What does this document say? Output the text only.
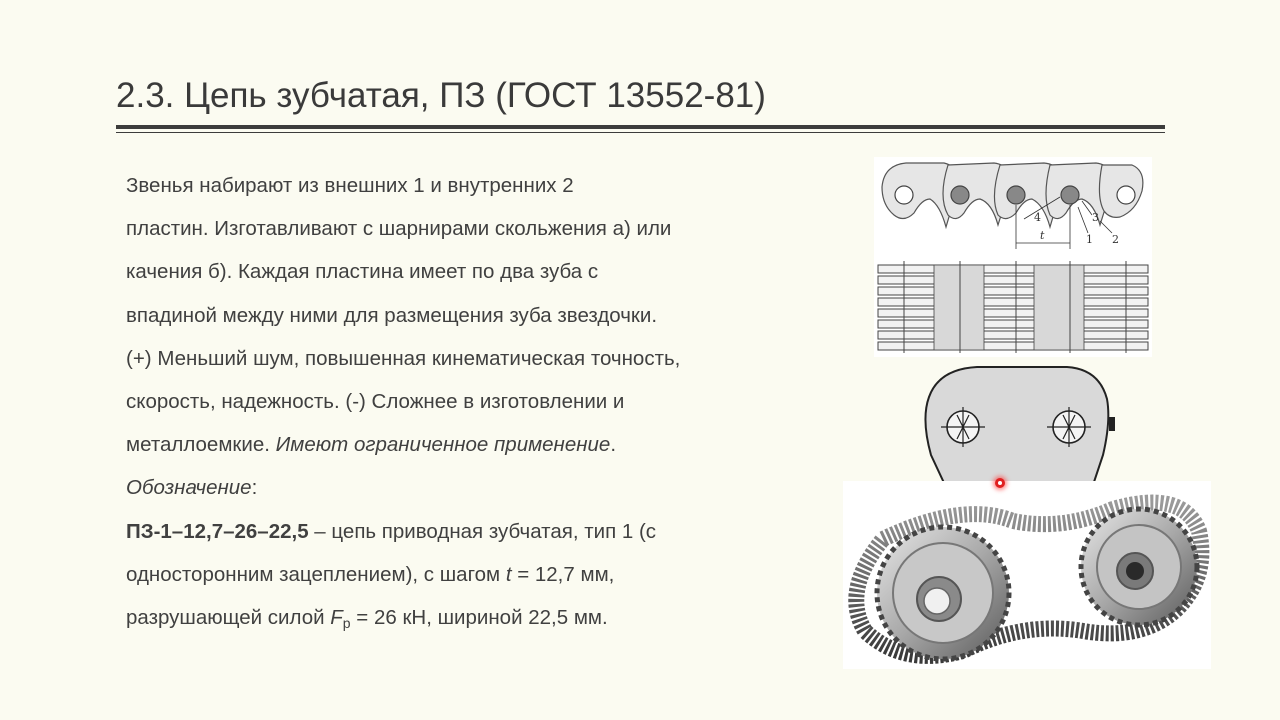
2.3. Цепь зубчатая, ПЗ (ГОСТ 13552-81)
Звенья набирают из внешних 1 и внутренних 2
пластин. Изготавливают с шарнирами скольжения а) или
качения б). Каждая пластина имеет по два зуба с
впадиной между ними для размещения зуба звездочки.
(+) Меньший шум, повышенная кинематическая точность,
скорость, надежность. (-) Сложнее в изготовлении и
металлоемкие. Имеют ограниченное применение.
Обозначение:
ПЗ-1–12,7–26–22,5 – цепь приводная зубчатая, тип 1 (с
односторонним зацеплением), с шагом t = 12,7 мм,
разрушающей силой $F_р = 26$ кН, шириной 22,5 мм.
4	3
1 2
t
